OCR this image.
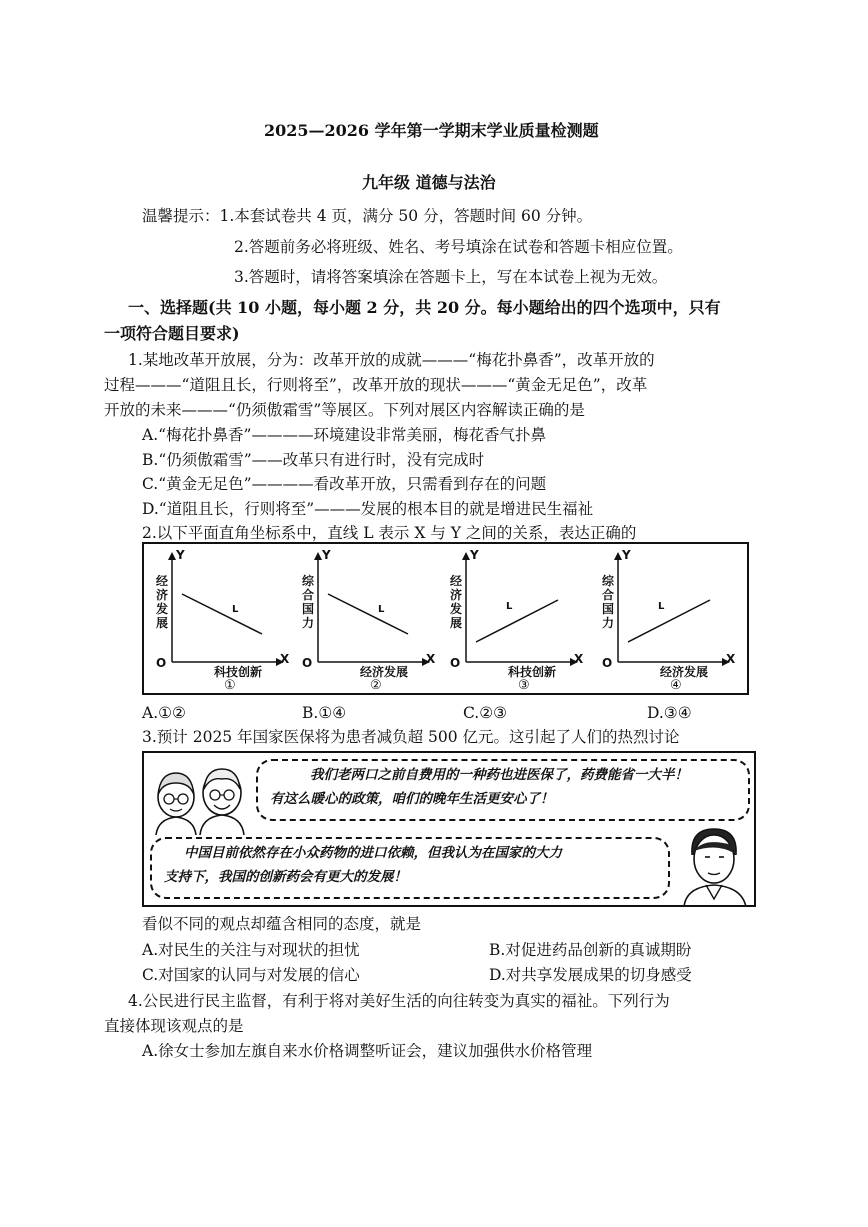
2025—2026 学年第一学期末学业质量检测题
九年级 道德与法治
温馨提示：1.本套试卷共 4 页，满分 50 分，答题时间 60 分钟。
2.答题前务必将班级、姓名、考号填涂在试卷和答题卡相应位置。
3.答题时，请将答案填涂在答题卡上，写在本试卷上视为无效。
一、选择题(共 10 小题，每小题 2 分，共 20 分。每小题给出的四个选项中，只有
一项符合题目要求)
1.某地改革开放展，分为：改革开放的成就———“梅花扑鼻香”，改革开放的
过程———“道阻且长，行则将至”，改革开放的现状———“黄金无足色”，改革
开放的未来———“仍须傲霜雪”等展区。下列对展区内容解读正确的是
A.“梅花扑鼻香”————环境建设非常美丽，梅花香气扑鼻
B.“仍须傲霜雪”——改革只有进行时，没有完成时
C.“黄金无足色”————看改革开放，只需看到存在的问题
D.“道阻且长，行则将至”———发展的根本目的就是增进民生福祉
2.以下平面直角坐标系中，直线 L 表示 X 与 Y 之间的关系，表达正确的
Y
经济发展
O	X
L
科技创新
①
Y
综合国力
O	X
L
经济发展
②
Y
经济发展
O	X
L
科技创新
③
Y
综合国力
O	X
L
经济发展
④
A.①②	B.①④	C.②③	D.③④
3.预计 2025 年国家医保将为患者减负超 500 亿元。这引起了人们的热烈讨论
我们老两口之前自费用的一种药也进医保了，药费能省一大半！
有这么暖心的政策，咱们的晚年生活更安心了！
中国目前依然存在小众药物的进口依赖，但我认为在国家的大力
支持下，我国的创新药会有更大的发展！
看似不同的观点却蕴含相同的态度，就是
A.对民生的关注与对现状的担忧	B.对促进药品创新的真诚期盼
C.对国家的认同与对发展的信心	D.对共享发展成果的切身感受
4.公民进行民主监督，有利于将对美好生活的向往转变为真实的福祉。下列行为
直接体现该观点的是
A.徐女士参加左旗自来水价格调整听证会，建议加强供水价格管理
